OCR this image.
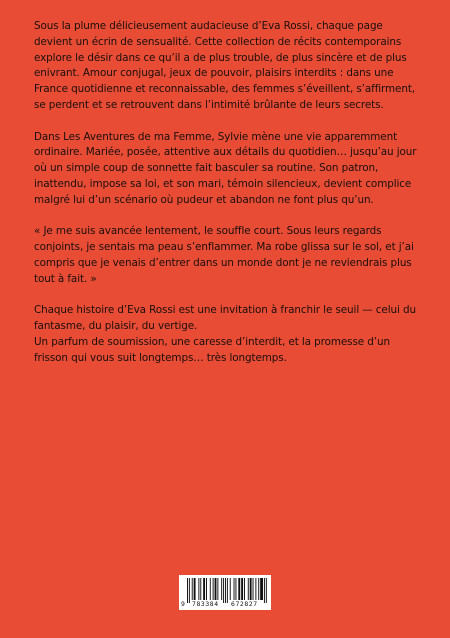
Sous la plume délicieusement audacieuse d’Eva Rossi, chaque page devient un écrin de sensualité. Cette collection de récits contemporains explore le désir dans ce qu’il a de plus trouble, de plus sincère et de plus enivrant. Amour conjugal, jeux de pouvoir, plaisirs interdits : dans une France quotidienne et reconnaissable, des femmes s’éveillent, s’affirment, se perdent et se retrouvent dans l’intimité brûlante de leurs secrets.

Dans Les Aventures de ma Femme, Sylvie mène une vie apparemment ordinaire. Mariée, posée, attentive aux détails du quotidien… jusqu’au jour où un simple coup de sonnette fait basculer sa routine. Son patron, inattendu, impose sa loi, et son mari, témoin silencieux, devient complice malgré lui d’un scénario où pudeur et abandon ne font plus qu’un.

« Je me suis avancée lentement, le souffle court. Sous leurs regards conjoints, je sentais ma peau s’enflammer. Ma robe glissa sur le sol, et j’ai compris que je venais d’entrer dans un monde dont je ne reviendrais plus tout à fait. »

Chaque histoire d’Eva Rossi est une invitation à franchir le seuil — celui du fantasme, du plaisir, du vertige.

Un parfum de soumission, une caresse d’interdit, et la promesse d’un frisson qui vous suit longtemps… très longtemps.

9 783384 672827
